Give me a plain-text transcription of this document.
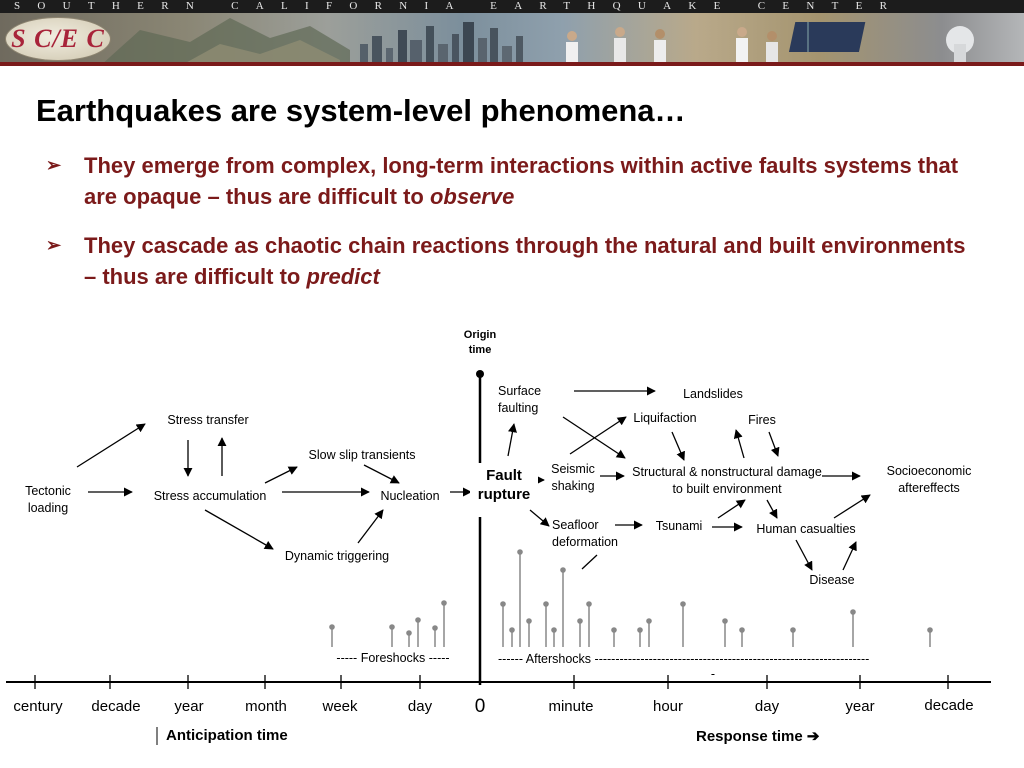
SOUTHERN CALIFORNIA EARTHQUAKE CENTER
S C/E C
Earthquakes are system-level phenomena…
➢ They emerge from complex, long-term interactions within active faults systems that are opaque – thus are difficult to observe
➢ They cascade as chaotic chain reactions through the natural and built environments – thus are difficult to predict
Origin time
Tectonic loading
Stress transfer
Stress accumulation
Slow slip transients
Nucleation
Dynamic triggering
Fault rupture
Surface faulting
Landslides
Liquifaction	Fires
Seismic shaking
Structural & nonstructural damage to built environment
Socioeconomic aftereffects
Seafloor deformation
Tsunami	Human casualties
Disease
----- Foreshocks -----	------ Aftershocks ------------------------------------------------------------------
-
century	decade	year	month	week	day	0	minute	hour	day	year	decade
Anticipation time	Response time ➔
